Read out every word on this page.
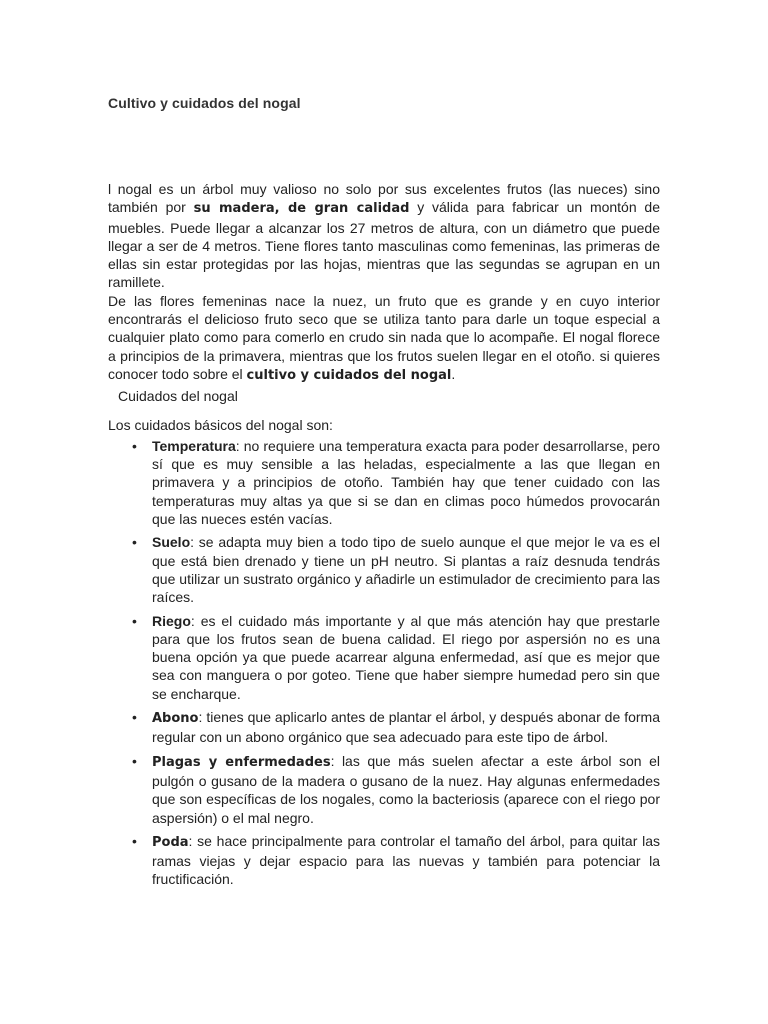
Cultivo y cuidados del nogal

l nogal es un árbol muy valioso no solo por sus excelentes frutos (las nueces) sino también por su madera, de gran calidad y válida para fabricar un montón de muebles. Puede llegar a alcanzar los 27 metros de altura, con un diámetro que puede llegar a ser de 4 metros. Tiene flores tanto masculinas como femeninas, las primeras de ellas sin estar protegidas por las hojas, mientras que las segundas se agrupan en un ramillete.

De las flores femeninas nace la nuez, un fruto que es grande y en cuyo interior encontrarás el delicioso fruto seco que se utiliza tanto para darle un toque especial a cualquier plato como para comerlo en crudo sin nada que lo acompañe. El nogal florece a principios de la primavera, mientras que los frutos suelen llegar en el otoño. si quieres conocer todo sobre el cultivo y cuidados del nogal.

Cuidados del nogal
Los cuidados básicos del nogal son:
• Temperatura: no requiere una temperatura exacta para poder desarrollarse, pero sí que es muy sensible a las heladas, especialmente a las que llegan en primavera y a principios de otoño. También hay que tener cuidado con las temperaturas muy altas ya que si se dan en climas poco húmedos provocarán que las nueces estén vacías.
• Suelo: se adapta muy bien a todo tipo de suelo aunque el que mejor le va es el que está bien drenado y tiene un pH neutro. Si plantas a raíz desnuda tendrás que utilizar un sustrato orgánico y añadirle un estimulador de crecimiento para las raíces.
• Riego: es el cuidado más importante y al que más atención hay que prestarle para que los frutos sean de buena calidad. El riego por aspersión no es una buena opción ya que puede acarrear alguna enfermedad, así que es mejor que sea con manguera o por goteo. Tiene que haber siempre humedad pero sin que se encharque.
• Abono: tienes que aplicarlo antes de plantar el árbol, y después abonar de forma regular con un abono orgánico que sea adecuado para este tipo de árbol.
• Plagas y enfermedades: las que más suelen afectar a este árbol son el pulgón o gusano de la madera o gusano de la nuez. Hay algunas enfermedades que son específicas de los nogales, como la bacteriosis (aparece con el riego por aspersión) o el mal negro.
• Poda: se hace principalmente para controlar el tamaño del árbol, para quitar las ramas viejas y dejar espacio para las nuevas y también para potenciar la fructificación.
